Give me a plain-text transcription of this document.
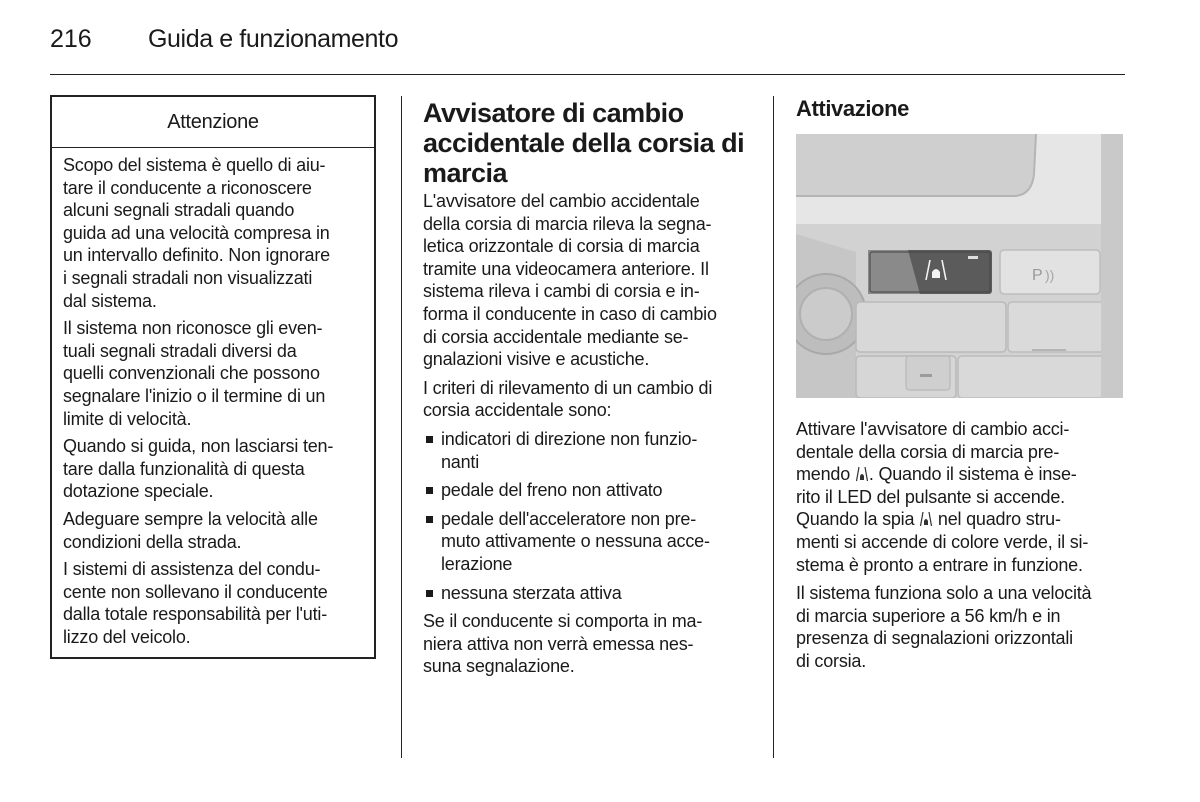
216 Guida e funzionamento
Attenzione

Scopo del sistema è quello di aiu-
tare il conducente a riconoscere
alcuni segnali stradali quando
guida ad una velocità compresa in
un intervallo definito. Non ignorare
i segnali stradali non visualizzati
dal sistema.

Il sistema non riconosce gli even-
tuali segnali stradali diversi da
quelli convenzionali che possono
segnalare l'inizio o il termine di un
limite di velocità.

Quando si guida, non lasciarsi ten-
tare dalla funzionalità di questa
dotazione speciale.

Adeguare sempre la velocità alle
condizioni della strada.

I sistemi di assistenza del condu-
cente non sollevano il conducente
dalla totale responsabilità per l'uti-
lizzo del veicolo.

Avvisatore di cambio
accidentale della corsia di
marcia

L'avvisatore del cambio accidentale
della corsia di marcia rileva la segna-
letica orizzontale di corsia di marcia
tramite una videocamera anteriore. Il
sistema rileva i cambi di corsia e in-
forma il conducente in caso di cambio
di corsia accidentale mediante se-
gnalazioni visive e acustiche.

I criteri di rilevamento di un cambio di
corsia accidentale sono:

indicatori di direzione non funzio-
nanti
pedale del freno non attivato
pedale dell'acceleratore non pre-
muto attivamente o nessuna acce-
lerazione
nessuna sterzata attiva

Se il conducente si comporta in ma-
niera attiva non verrà emessa nes-
suna segnalazione.

Attivazione
P ))

Attivare l'avvisatore di cambio acci-
dentale della corsia di marcia pre-
mendo . Quando il sistema è inse-
rito il LED del pulsante si accende.
Quando la spia  nel quadro stru-
menti si accende di colore verde, il si-
stema è pronto a entrare in funzione.

Il sistema funziona solo a una velocità
di marcia superiore a 56 km/h e in
presenza di segnalazioni orizzontali
di corsia.
